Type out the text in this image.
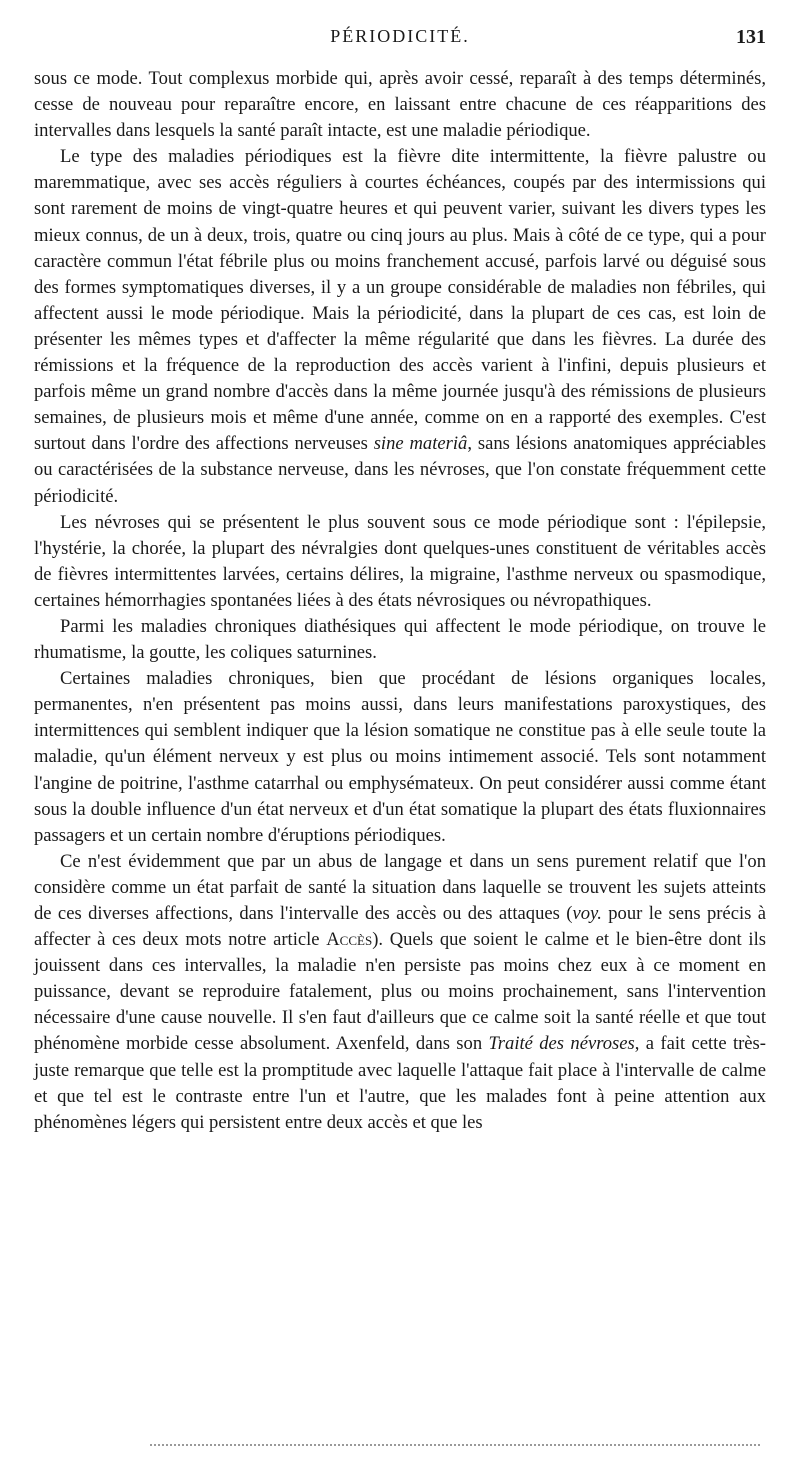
PÉRIODICITÉ.	131

sous ce mode. Tout complexus morbide qui, après avoir cessé, reparaît à des temps déterminés, cesse de nouveau pour reparaître encore, en laissant entre chacune de ces réapparitions des intervalles dans lesquels la santé paraît intacte, est une maladie périodique.

Le type des maladies périodiques est la fièvre dite intermittente, la fièvre palustre ou maremmatique, avec ses accès réguliers à courtes échéances, coupés par des intermissions qui sont rarement de moins de vingt-quatre heures et qui peuvent varier, suivant les divers types les mieux connus, de un à deux, trois, quatre ou cinq jours au plus. Mais à côté de ce type, qui a pour caractère commun l'état fébrile plus ou moins franchement accusé, parfois larvé ou déguisé sous des formes symptomatiques diverses, il y a un groupe considérable de maladies non fébriles, qui affectent aussi le mode périodique. Mais la périodicité, dans la plupart de ces cas, est loin de présenter les mêmes types et d'affecter la même régularité que dans les fièvres. La durée des rémissions et la fréquence de la reproduction des accès varient à l'infini, depuis plusieurs et parfois même un grand nombre d'accès dans la même journée jusqu'à des rémissions de plusieurs semaines, de plusieurs mois et même d'une année, comme on en a rapporté des exemples. C'est surtout dans l'ordre des affections nerveuses sine materiâ, sans lésions anatomiques appréciables ou caractérisées de la substance nerveuse, dans les névroses, que l'on constate fréquemment cette périodicité.

Les névroses qui se présentent le plus souvent sous ce mode périodique sont : l'épilepsie, l'hystérie, la chorée, la plupart des névralgies dont quelques-unes constituent de véritables accès de fièvres intermittentes larvées, certains délires, la migraine, l'asthme nerveux ou spasmodique, certaines hémorrhagies spontanées liées à des états névrosiques ou névropathiques.

Parmi les maladies chroniques diathésiques qui affectent le mode périodique, on trouve le rhumatisme, la goutte, les coliques saturnines.

Certaines maladies chroniques, bien que procédant de lésions organiques locales, permanentes, n'en présentent pas moins aussi, dans leurs manifestations paroxystiques, des intermittences qui semblent indiquer que la lésion somatique ne constitue pas à elle seule toute la maladie, qu'un élément nerveux y est plus ou moins intimement associé. Tels sont notamment l'angine de poitrine, l'asthme catarrhal ou emphysémateux. On peut considérer aussi comme étant sous la double influence d'un état nerveux et d'un état somatique la plupart des états fluxionnaires passagers et un certain nombre d'éruptions périodiques.

Ce n'est évidemment que par un abus de langage et dans un sens purement relatif que l'on considère comme un état parfait de santé la situation dans laquelle se trouvent les sujets atteints de ces diverses affections, dans l'intervalle des accès ou des attaques (voy. pour le sens précis à affecter à ces deux mots notre article Accès). Quels que soient le calme et le bien-être dont ils jouissent dans ces intervalles, la maladie n'en persiste pas moins chez eux à ce moment en puissance, devant se reproduire fatalement, plus ou moins prochainement, sans l'intervention nécessaire d'une cause nouvelle. Il s'en faut d'ailleurs que ce calme soit la santé réelle et que tout phénomène morbide cesse absolument. Axenfeld, dans son Traité des névroses, a fait cette très-juste remarque que telle est la promptitude avec laquelle l'attaque fait place à l'intervalle de calme et que tel est le contraste entre l'un et l'autre, que les malades font à peine attention aux phénomènes légers qui persistent entre deux accès et que les
